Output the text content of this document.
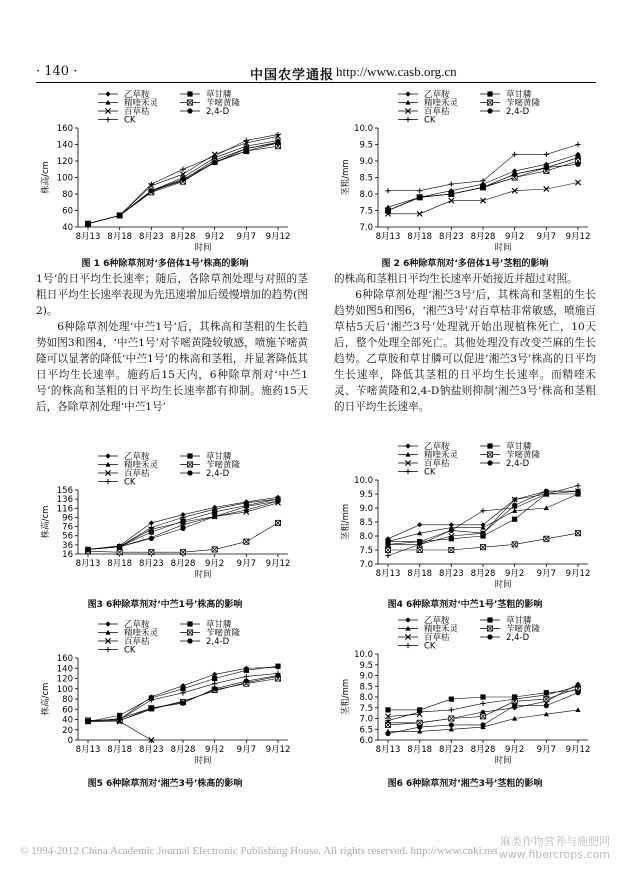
· 140 ·	中国农学通报 http://www.casb.org.cn
乙草胺	草甘膦
精喹禾灵	苄嘧黄隆
百草枯	2,4-D
CK
40
60
80
100
120
140
160
8月13 8月18 8月23 8月28 9月2 9月7 9月12
时间
株高/cm
乙草胺	草甘膦
精喹禾灵	苄嘧黄隆
百草枯	2,4-D
CK
7.0
7.5
8.0
8.5
9.0
9.5
10.0
8月13 8月18 8月23 8月28 9月2 9月7 9月12
时间
茎粗/mm
乙草胺	草甘膦
精喹禾灵	苄嘧黄隆
百草枯	2,4-D
CK
16
36
56
76
96
116
136
156
8月13 8月18 8月23 8月28 9月2 9月7 9月12
时间
株高/cm
乙草胺	草甘膦
精喹禾灵	苄嘧黄隆
百草枯	2,4-D
CK
7.0
7.5
8.0
8.5
9.0
9.5
10.0
8月13 8月18 8月23 8月28 9月2 9月7 9月12
时间
茎粗/mm
乙草胺	草甘膦
精喹禾灵	苄嘧黄隆
百草枯	2,4-D
CK
0
20
40
60
80
100
120
140
160
8月13 8月18 8月23 8月28 9月2 9月7 9月12
时间
株高/cm
乙草胺	草甘膦
精喹禾灵	苄嘧黄隆
百草枯	2,4-D
CK
6.0
6.5
7.0
7.5
8.0
8.5
9.0
9.5
10.0
8月13 8月18 8月23 8月28 9月2 9月7 9月12
时间
茎粗/mm
图 1 6种除草剂对‘多倍体1号’株高的影响	图 2 6种除草剂对‘多倍体1号’茎粗的影响
图3 6种除草剂对‘中苎1号’株高的影响	图4 6种除草剂对‘中苎1号’茎粗的影响
图5 6种除草剂对‘湘苎3号’株高的影响	图6 6种除草剂对‘湘苎3号’茎粗的影响

1号’的日平均生长速率；随后，各除草剂处理与对照的茎粗日平均生长速率表现为先迅速增加后缓慢增加的趋势(图2)。

6种除草剂处理‘中苎1号’后，其株高和茎粗的生长趋势如图3和图4，‘中苎1号’对苄嘧黄隆较敏感，喷施苄嘧黄隆可以显著的降低‘中苎1号’的株高和茎粗，并显著降低其日平均生长速率。施药后15天内，6种除草剂对‘中苎1号’的株高和茎粗的日平均生长速率都有抑制。施药15天后，各除草剂处理‘中苎1号’

的株高和茎粗日平均生长速率开始接近并超过对照。

6种除草剂处理‘湘苎3号’后，其株高和茎粗的生长趋势如图5和图6，‘湘苎3号’对百草枯非常敏感，喷施百草枯5天后‘湘苎3号’处理就开始出现植株死亡，10天后，整个处理全部死亡。其他处理没有改变苎麻的生长趋势。乙草胺和草甘膦可以促进‘湘苎3号’株高的日平均生长速率，降低其茎粗的日平均生长速率。而精喹禾灵、苄嘧黄隆和2,4-D钠盐则抑制‘湘苎3号’株高和茎粗的日平均生长速率。

© 1994-2012 China Academic Journal Electronic Publishing House. All rights reserved. http://www.cnki.net
麻类作物营养与施肥网
www.fibercrops.com
